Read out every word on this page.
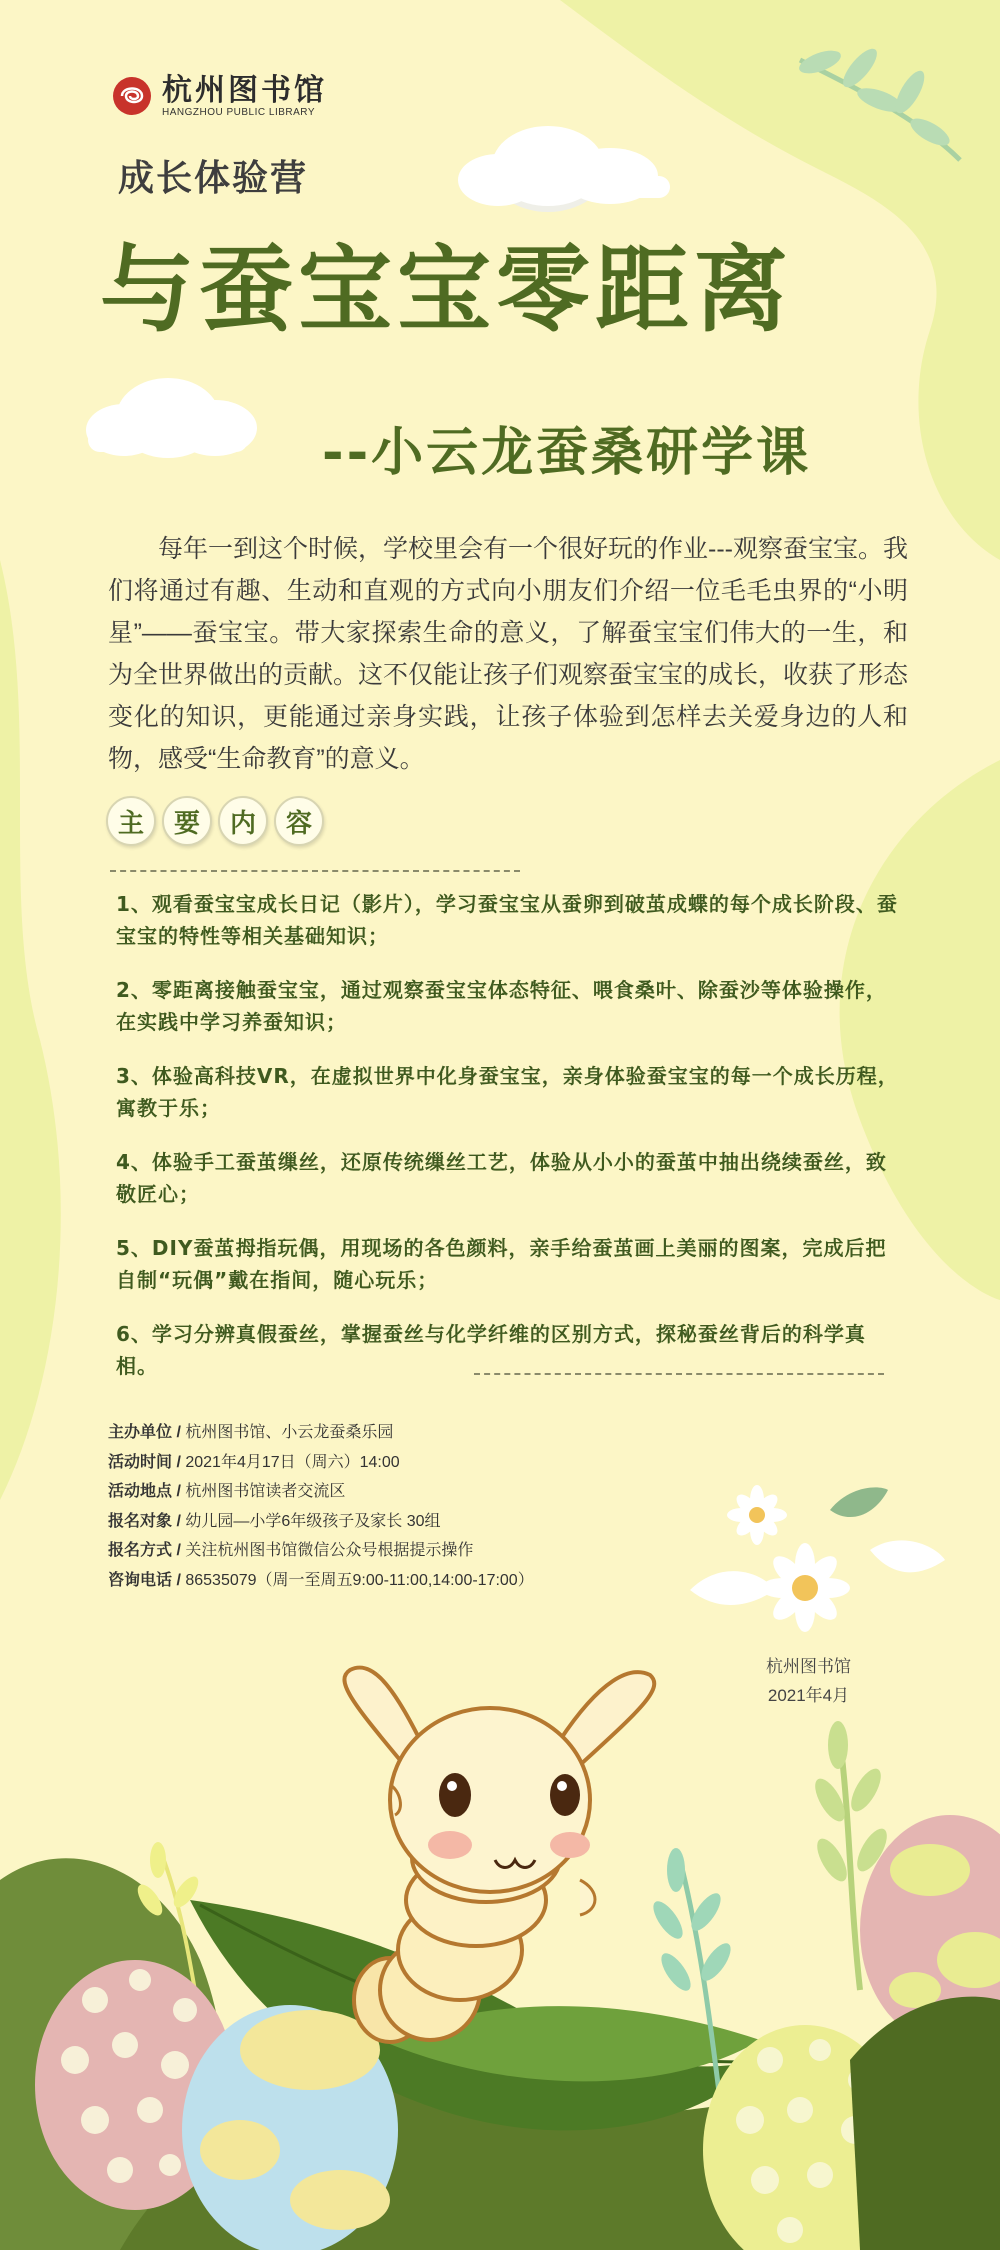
杭州图书馆
HANGZHOU PUBLIC LIBRARY
成长体验营
与蚕宝宝零距离
--小云龙蚕桑研学课
每年一到这个时候，学校里会有一个很好玩的作业---观察蚕宝宝。我们将通过有趣、生动和直观的方式向小朋友们介绍一位毛毛虫界的“小明星”——蚕宝宝。带大家探索生命的意义，了解蚕宝宝们伟大的一生，和为全世界做出的贡献。这不仅能让孩子们观察蚕宝宝的成长，收获了形态变化的知识，更能通过亲身实践，让孩子体验到怎样去关爱身边的人和物，感受“生命教育”的意义。
主	要	内	容
1、观看蚕宝宝成长日记（影片），学习蚕宝宝从蚕卵到破茧成蝶的每个成长阶段、蚕宝宝的特性等相关基础知识；
2、零距离接触蚕宝宝，通过观察蚕宝宝体态特征、喂食桑叶、除蚕沙等体验操作，在实践中学习养蚕知识；
3、体验高科技VR，在虚拟世界中化身蚕宝宝，亲身体验蚕宝宝的每一个成长历程，寓教于乐；
4、体验手工蚕茧缫丝，还原传统缫丝工艺，体验从小小的蚕茧中抽出绕续蚕丝，致敬匠心；
5、DIY蚕茧拇指玩偶，用现场的各色颜料，亲手给蚕茧画上美丽的图案，完成后把自制“玩偶”戴在指间，随心玩乐；
6、学习分辨真假蚕丝，掌握蚕丝与化学纤维的区别方式，探秘蚕丝背后的科学真相。
主办单位 / 杭州图书馆、小云龙蚕桑乐园
活动时间 / 2021年4月17日（周六）14:00
活动地点 / 杭州图书馆读者交流区
报名对象 / 幼儿园—小学6年级孩子及家长 30组
报名方式 / 关注杭州图书馆微信公众号根据提示操作
咨询电话 / 86535079（周一至周五9:00-11:00,14:00-17:00）
杭州图书馆
2021年4月
